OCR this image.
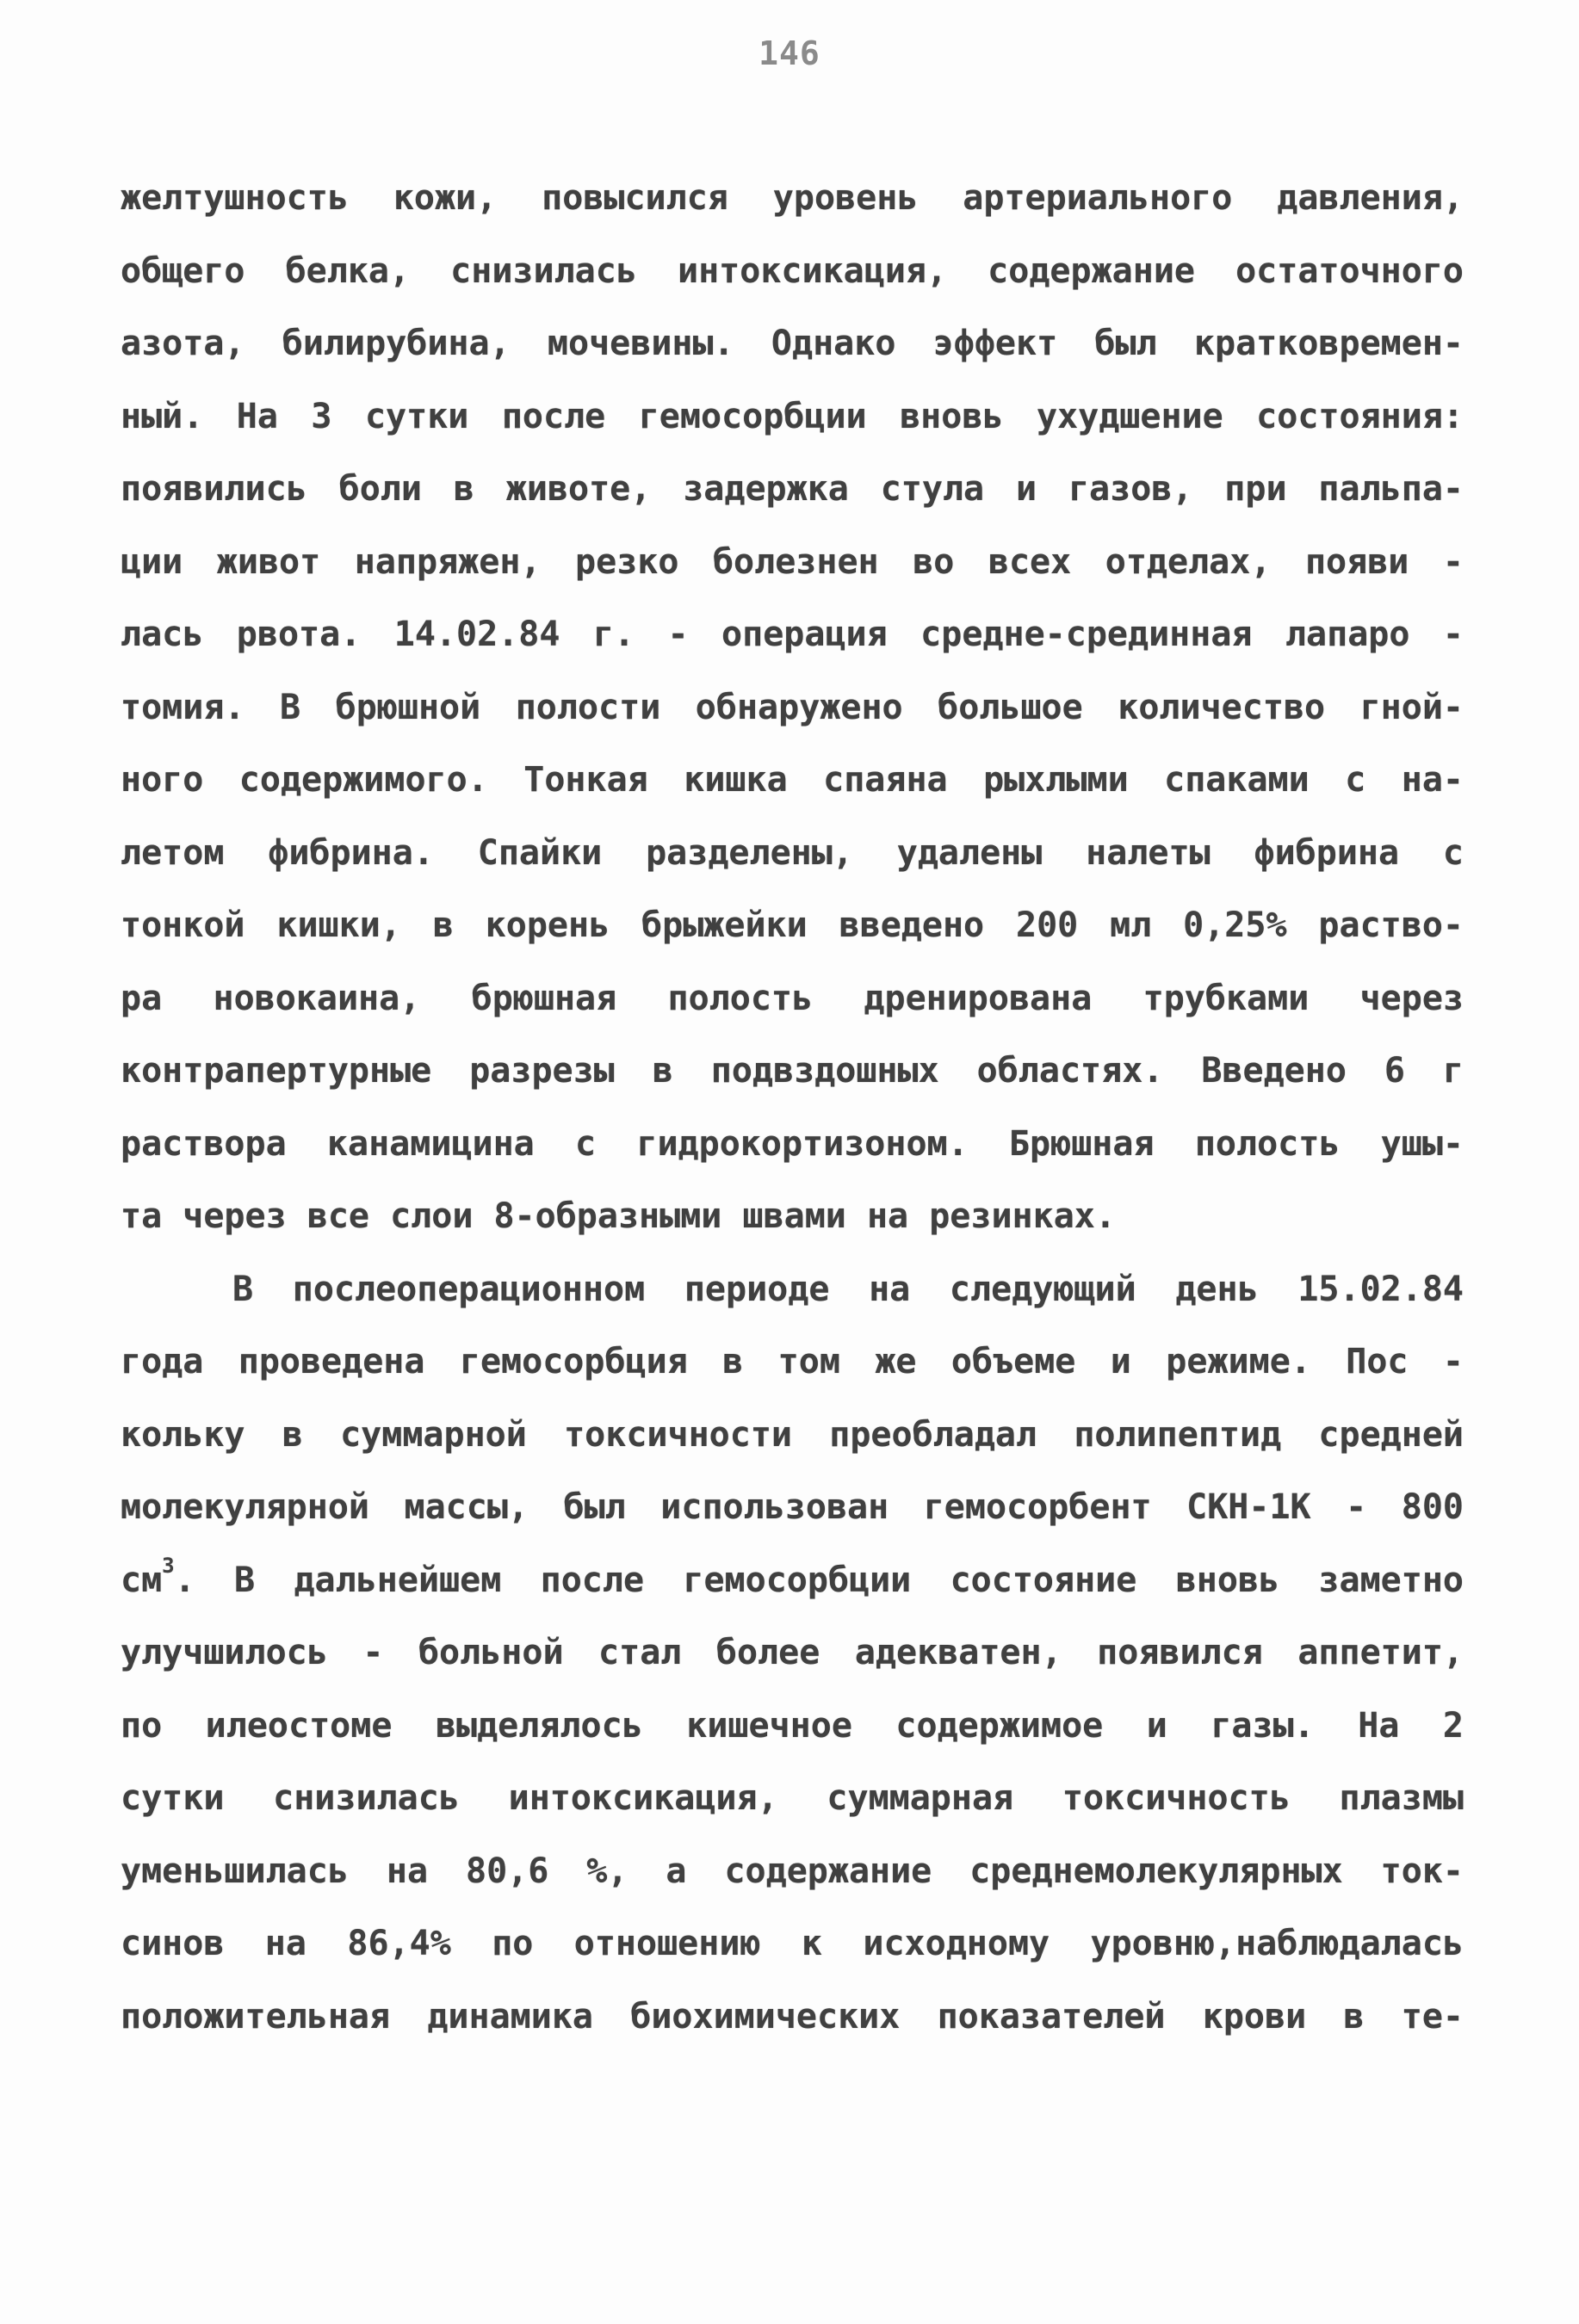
146
желтушность кожи, повысился уровень артериального давления,
общего белка, снизилась интоксикация, содержание остаточного
азота, билирубина, мочевины. Однако эффект был кратковремен-
ный. На 3 сутки после гемосорбции вновь ухудшение состояния:
появились боли в животе, задержка стула и газов, при пальпа-
ции живот напряжен, резко болезнен во всех отделах, появи -
лась рвота. 14.02.84 г. - операция средне-срединная лапаро -
томия. В брюшной полости обнаружено большое количество гной-
ного содержимого. Тонкая кишка спаяна рыхлыми спаками с на-
летом фибрина. Спайки разделены, удалены налеты фибрина с
тонкой кишки, в корень брыжейки введено 200 мл 0,25% раство-
ра новокаина, брюшная полость дренирована трубками через
контрапертурные разрезы в подвздошных областях. Введено 6 г
раствора канамицина с гидрокортизоном. Брюшная полость ушы-
та через все слои 8-образными швами на резинках.
В послеоперационном периоде на следующий день 15.02.84
года проведена гемосорбция в том же объеме и режиме. Пос -
кольку в суммарной токсичности преобладал полипептид средней
молекулярной массы, был использован гемосорбент СКН-1К - 800
$см^3$. В дальнейшем после гемосорбции состояние вновь заметно
улучшилось - больной стал более адекватен, появился аппетит,
по илеостоме выделялось кишечное содержимое и газы. На 2
сутки снизилась интоксикация, суммарная токсичность плазмы
уменьшилась на 80,6 %, а содержание среднемолекулярных ток-
синов на 86,4% по отношению к исходному уровню,наблюдалась
положительная динамика биохимических показателей крови в те-
